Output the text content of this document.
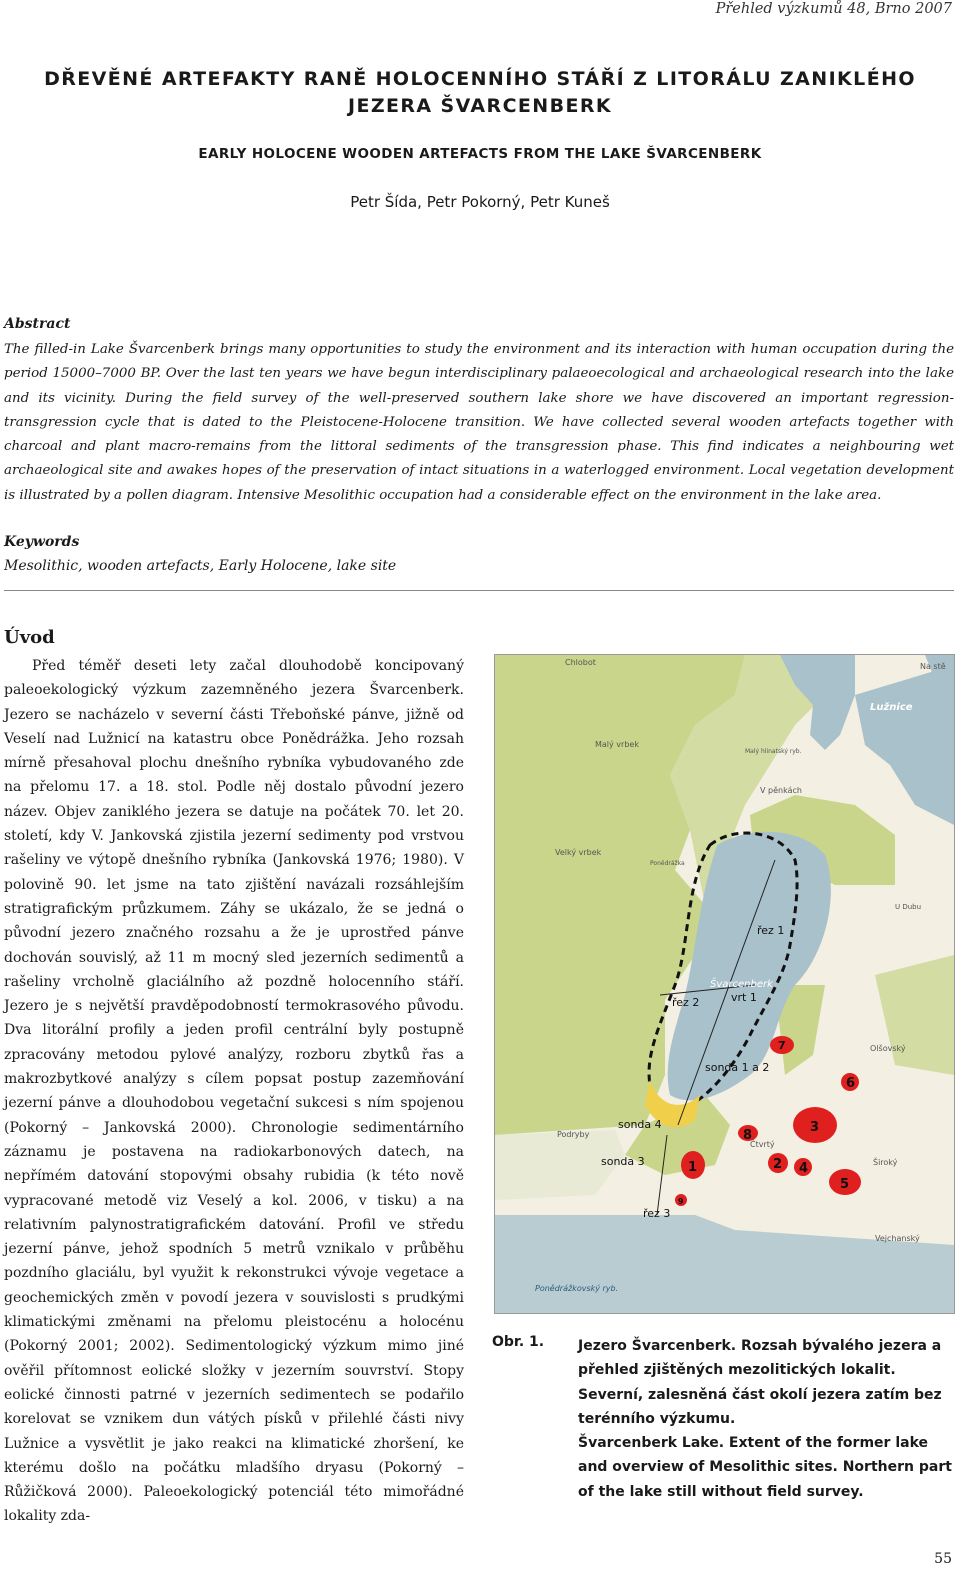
Přehled výzkumů 48, Brno 2007
DŘEVĚNÉ ARTEFAKTY RANĚ HOLOCENNÍHO STÁŘÍ Z LITORÁLU ZANIKLÉHO
JEZERA ŠVARCENBERK
EARLY HOLOCENE WOODEN ARTEFACTS FROM THE LAKE ŠVARCENBERK
Petr Šída, Petr Pokorný, Petr Kuneš
Abstract
The filled-in Lake Švarcenberk brings many opportunities to study the environment and its interaction with human occupation during the period 15000–7000 BP. Over the last ten years we have begun interdisciplinary palaeoecological and archaeological research into the lake and its vicinity. During the field survey of the well-preserved southern lake shore we have discovered an important regression-transgression cycle that is dated to the Pleistocene-Holocene transition. We have collected several wooden artefacts together with charcoal and plant macro-remains from the littoral sediments of the transgression phase. This find indicates a neighbouring wet archaeological site and awakes hopes of the preservation of intact situations in a waterlogged environment. Local vegetation development is illustrated by a pollen diagram. Intensive Mesolithic occupation had a considerable effect on the environment in the lake area.
Keywords
Mesolithic, wooden artefacts, Early Holocene, lake site
Úvod

Před téměř deseti lety začal dlouhodobě koncipovaný paleoekologický výzkum zazemněného jezera Švarcenberk. Jezero se nacházelo v severní části Třeboňské pánve, jižně od Veselí nad Lužnicí na katastru obce Ponědrážka. Jeho rozsah mírně přesahoval plochu dnešního rybníka vybudovaného zde na přelomu 17. a 18. stol. Podle něj dostalo původní jezero název. Objev zaniklého jezera se datuje na počátek 70. let 20. století, kdy V. Jankovská zjistila jezerní sedimenty pod vrstvou rašeliny ve výtopě dnešního rybníka (Jankovská 1976; 1980). V polovině 90. let jsme na tato zjištění navázali rozsáhlejším stratigrafickým průzkumem. Záhy se ukázalo, že se jedná o původní jezero značného rozsahu a že je uprostřed pánve dochován souvislý, až 11 m mocný sled jezerních sedimentů a rašeliny vrcholně glaciálního až pozdně holocenního stáří. Jezero je s největší pravděpodobností termokrasového původu. Dva litorální profily a jeden profil centrální byly postupně zpracovány metodou pylové analýzy, rozboru zbytků řas a makrozbytkové analýzy s cílem popsat postup zazemňování jezerní pánve a dlouhodobou vegetační sukcesi s ním spojenou (Pokorný – Jankovská 2000). Chronologie sedimentárního záznamu je postavena na radiokarbonových datech, na nepřímém datování stopovými obsahy rubidia (k této nově vypracované metodě viz Veselý a kol. 2006, v tisku) a na relativním palynostratigrafickém datování. Profil ve středu jezerní pánve, jehož spodních 5 metrů vznikalo v průběhu pozdního glaciálu, byl využit k rekonstrukci vývoje vegetace a geochemických změn v povodí jezera v souvislosti s prudkými klimatickými změnami na přelomu pleistocénu a holocénu (Pokorný 2001; 2002). Sedimentologický výzkum mimo jiné ověřil přítomnost eolické složky v jezerním souvrství. Stopy eolické činnosti patrné v jezerních sedimentech se podařilo korelovat se vznikem dun vátých písků v přilehlé části nivy Lužnice a vysvětlit je jako reakci na klimatické zhoršení, ke kterému došlo na počátku mladšího dryasu (Pokorný – Růžičková 2000). Paleoekologický potenciál této mimořádné lokality zda-

1	2
3
4
5
6
7
8
9
řez 1
řez 2	vrt 1
sonda 1 a 2
sonda 4
sonda 3
řez 3
Chlobot	Na stě
Malý vrbek
Malý hlinatský ryb.
V pěnkách
Lužnice
Velký vrbek
Ponědrážka
Švarcenberk
Olšovský
Podryby
Čtvrtý
Široký
Ponědrážkovský ryb.
Vejchanský
U Dubu
Obr. 1. Jezero Švarcenberk. Rozsah bývalého jezera a přehled zjištěných mezolitických lokalit. Severní, zalesněná část okolí jezera zatím bez terénního výzkumu.

Švarcenberk Lake. Extent of the former lake and overview of Mesolithic sites. Northern part of the lake still without field survey.

55
